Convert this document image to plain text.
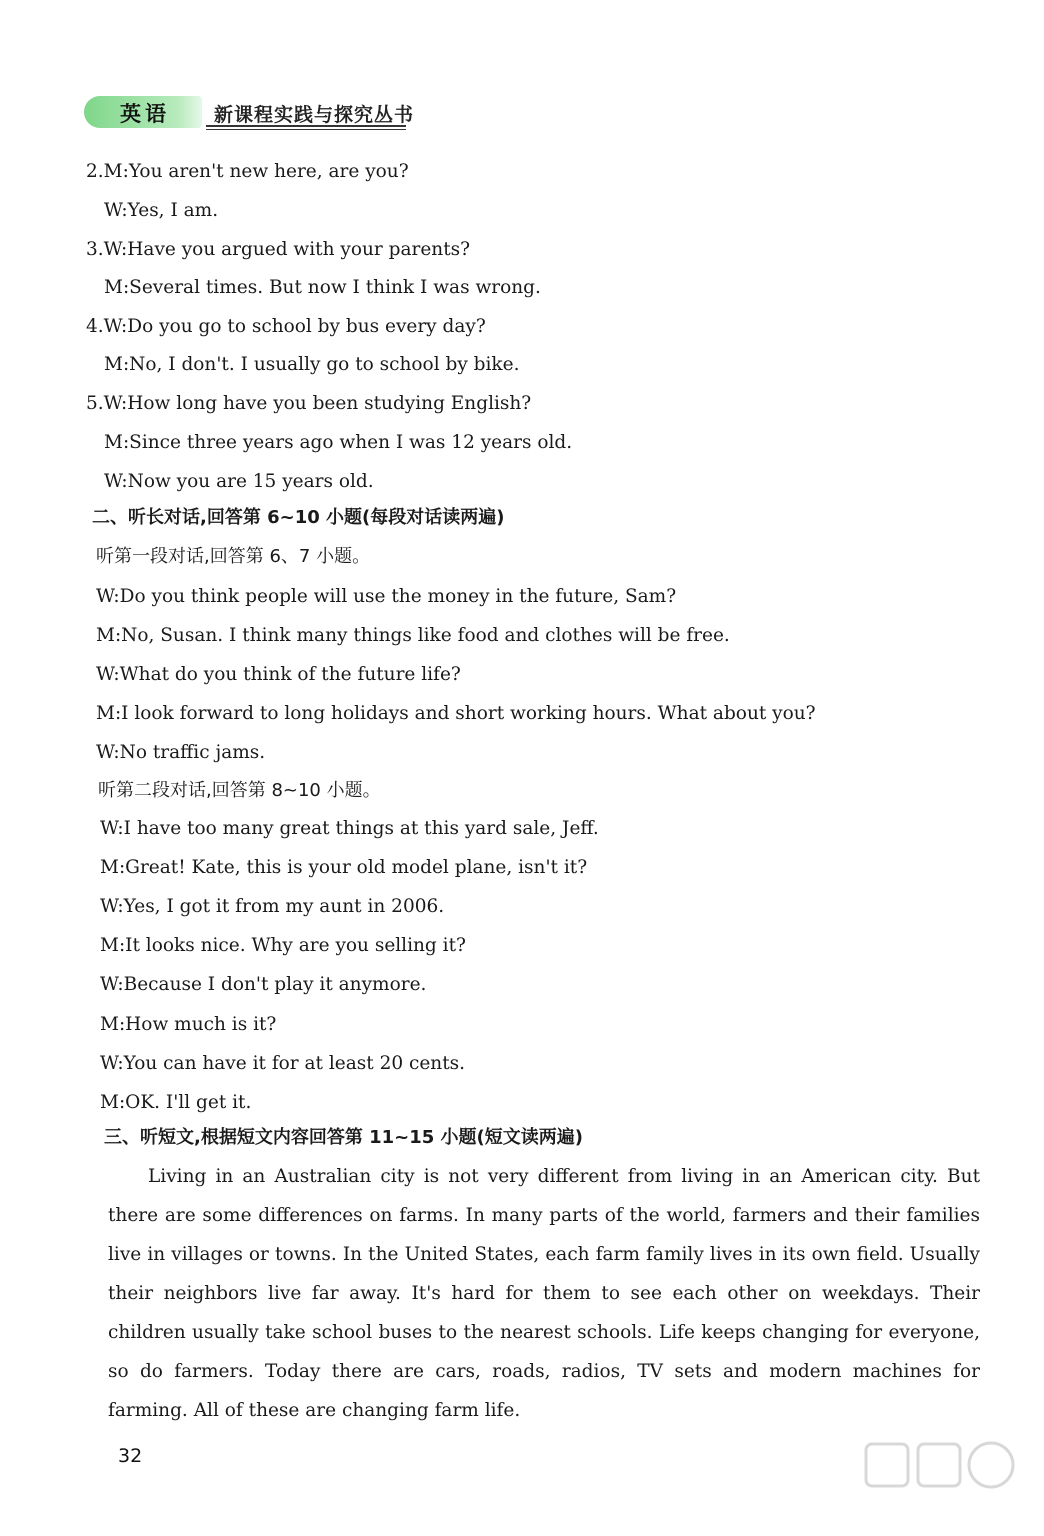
英语 新课程实践与探究丛书
2.M:You aren't new here, are you?
W:Yes, I am.
3.W:Have you argued with your parents?
M:Several times. But now I think I was wrong.
4.W:Do you go to school by bus every day?
M:No, I don't. I usually go to school by bike.
5.W:How long have you been studying English?
M:Since three years ago when I was 12 years old.
W:Now you are 15 years old.
二、听长对话,回答第 6~10 小题(每段对话读两遍)
听第一段对话,回答第 6、7 小题。
W:Do you think people will use the money in the future, Sam?
M:No, Susan. I think many things like food and clothes will be free.
W:What do you think of the future life?
M:I look forward to long holidays and short working hours. What about you?
W:No traffic jams.
听第二段对话,回答第 8~10 小题。
W:I have too many great things at this yard sale, Jeff.
M:Great! Kate, this is your old model plane, isn't it?
W:Yes, I got it from my aunt in 2006.
M:It looks nice. Why are you selling it?
W:Because I don't play it anymore.
M:How much is it?
W:You can have it for at least 20 cents.
M:OK. I'll get it.
三、听短文,根据短文内容回答第 11~15 小题(短文读两遍)
Living in an Australian city is not very different from living in an American city. But there are some differences on farms. In many parts of the world, farmers and their families live in villages or towns. In the United States, each farm family lives in its own field. Usually their neighbors live far away. It's hard for them to see each other on weekdays. Their children usually take school buses to the nearest schools. Life keeps changing for everyone, so do farmers. Today there are cars, roads, radios, TV sets and modern machines for farming. All of these are changing farm life.
32
